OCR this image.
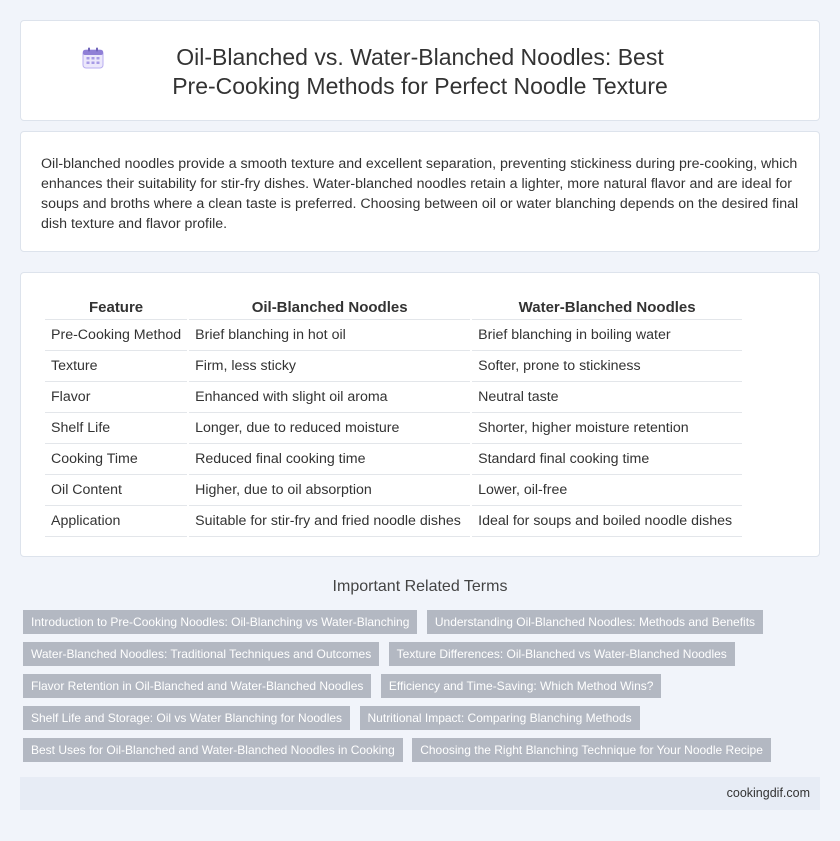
Oil-Blanched vs. Water-Blanched Noodles: Best Pre-Cooking Methods for Perfect Noodle Texture

Oil-blanched noodles provide a smooth texture and excellent separation, preventing stickiness during pre-cooking, which enhances their suitability for stir-fry dishes. Water-blanched noodles retain a lighter, more natural flavor and are ideal for soups and broths where a clean taste is preferred. Choosing between oil or water blanching depends on the desired final dish texture and flavor profile.

Feature	Oil-Blanched Noodles	Water-Blanched Noodles
Pre-Cooking Method	Brief blanching in hot oil	Brief blanching in boiling water
Texture	Firm, less sticky	Softer, prone to stickiness
Flavor	Enhanced with slight oil aroma	Neutral taste
Shelf Life	Longer, due to reduced moisture	Shorter, higher moisture retention
Cooking Time	Reduced final cooking time	Standard final cooking time
Oil Content	Higher, due to oil absorption	Lower, oil-free
Application	Suitable for stir-fry and fried noodle dishes	Ideal for soups and boiled noodle dishes
Important Related Terms
Introduction to Pre-Cooking Noodles: Oil-Blanching vs Water-Blanching Understanding Oil-Blanched Noodles: Methods and Benefits
Water-Blanched Noodles: Traditional Techniques and Outcomes Texture Differences: Oil-Blanched vs Water-Blanched Noodles
Flavor Retention in Oil-Blanched and Water-Blanched Noodles Efficiency and Time-Saving: Which Method Wins?
Shelf Life and Storage: Oil vs Water Blanching for Noodles Nutritional Impact: Comparing Blanching Methods
Best Uses for Oil-Blanched and Water-Blanched Noodles in Cooking Choosing the Right Blanching Technique for Your Noodle Recipe
cookingdif.com
